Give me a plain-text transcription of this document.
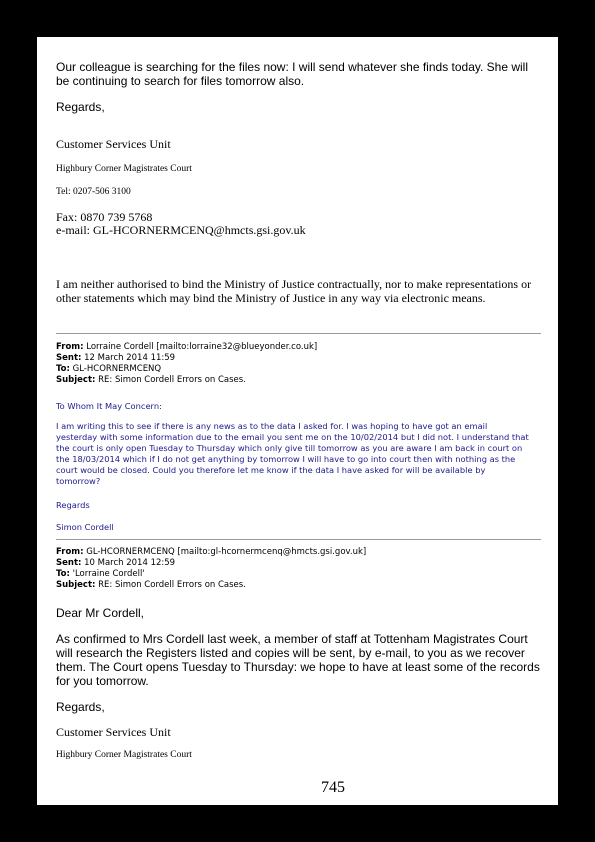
Our colleague is searching for the files now: I will send whatever she finds today. She will
be continuing to search for files tomorrow also.
Regards,
Customer Services Unit
Highbury Corner Magistrates Court
Tel: 0207-506 3100
Fax: 0870 739 5768
e-mail: GL-HCORNERMCENQ@hmcts.gsi.gov.uk
I am neither authorised to bind the Ministry of Justice contractually, nor to make representations or
other statements which may bind the Ministry of Justice in any way via electronic means.
From: Lorraine Cordell [mailto:lorraine32@blueyonder.co.uk]
Sent: 12 March 2014 11:59
To: GL-HCORNERMCENQ
Subject: RE: Simon Cordell Errors on Cases.
To Whom It May Concern:
I am writing this to see if there is any news as to the data I asked for. I was hoping to have got an email
yesterday with some information due to the email you sent me on the 10/02/2014 but I did not. I understand that
the court is only open Tuesday to Thursday which only give till tomorrow as you are aware I am back in court on
the 18/03/2014 which if I do not get anything by tomorrow I will have to go into court then with nothing as the
court would be closed. Could you therefore let me know if the data I have asked for will be available by
tomorrow?
Regards
Simon Cordell
From: GL-HCORNERMCENQ [mailto:gl-hcornermcenq@hmcts.gsi.gov.uk]
Sent: 10 March 2014 12:59
To: 'Lorraine Cordell'
Subject: RE: Simon Cordell Errors on Cases.
Dear Mr Cordell,
As confirmed to Mrs Cordell last week, a member of staff at Tottenham Magistrates Court
will research the Registers listed and copies will be sent, by e-mail, to you as we recover
them. The Court opens Tuesday to Thursday: we hope to have at least some of the records
for you tomorrow.
Regards,
Customer Services Unit
Highbury Corner Magistrates Court
745
